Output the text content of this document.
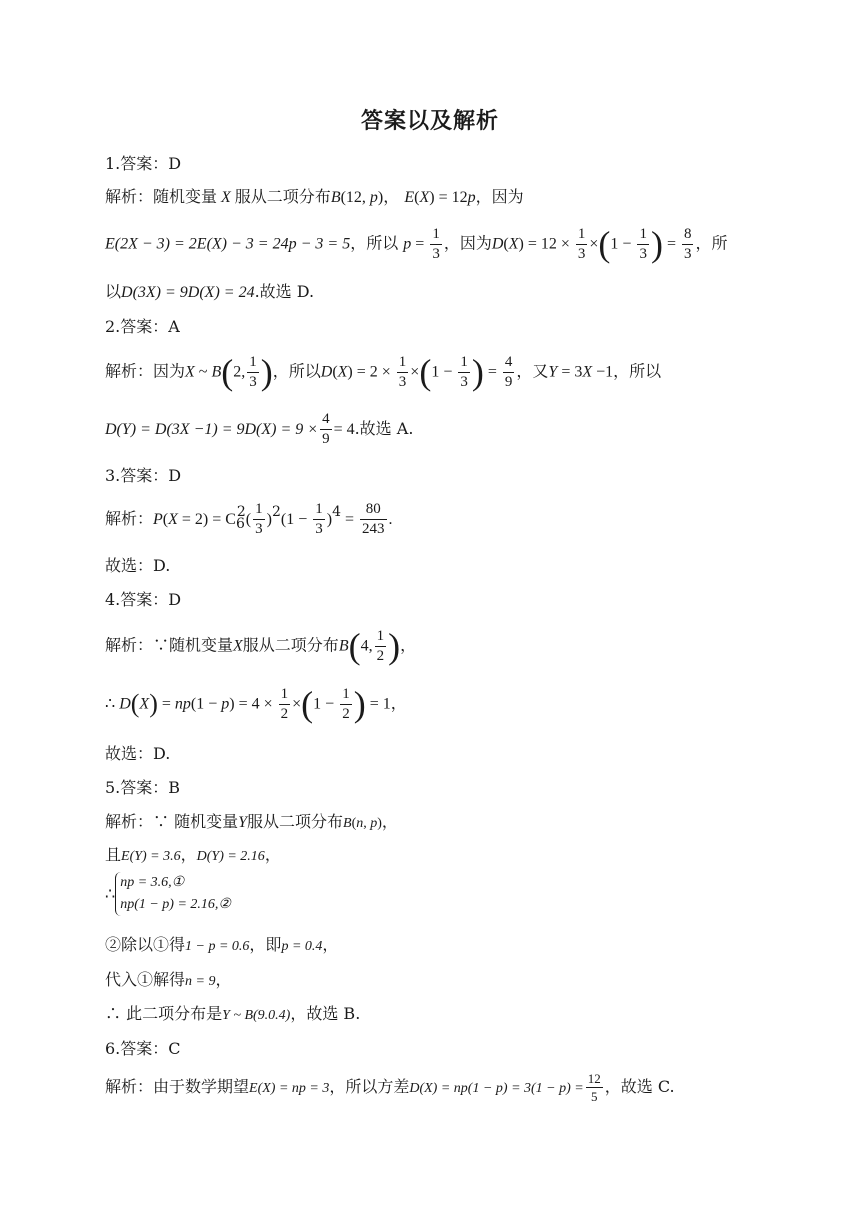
答案以及解析
1.答案：D
解析：随机变量 X 服从二项分布B(12, p)， E(X) = 12p，因为
E(2X − 3) = 2E(X) − 3 = 24p − 3 = 5，所以 $p = \frac{1}{3}$ ，因为$D(X) = 12 \times \frac{1}{3} \times(1 - \frac{1}{3}$ ) = $\frac{8}{3}$ ，所
以D(3X) = 9D(X) = 24.故选 D.
2.答案：A
解析：因为X ~ B(2, $\frac{1}{3}$ )，所以$D(X) = 2 \times \frac{1}{3} \times(1 - \frac{1}{3}$ ) = $\frac{4}{9}$ ，又Y = 3X −1，所以
$D(Y) = D(3X -1) = 9D(X) = 9 \times \frac{4}{9} = 4$.故选 A.
3.答案：D
解析：$P(X = 2) = C62( \frac{1}{3} )2(1 - \frac{1}{3} )4 = \frac{80}{243}$ .
故选：D.
4.答案：D
解析：∵随机变量X服从二项分布B(4, $\frac{1}{2}$ )，
∴ $D(X) = np(1 - p) = 4 \times \frac{1}{2} \times(1 - \frac{1}{2}$ ) = 1，
故选：D.
5.答案：B
解析：∵ 随机变量Y服从二项分布B(n, p)，
且E(Y) = 3.6，D(Y) = 2.16，
∴
np = 3.6,①
np(1 − p) = 2.16,②
②除以①得1 − p = 0.6，即p = 0.4，
代入①解得n = 9，
∴ 此二项分布是Y ~ B(9.0.4)，故选 B.
6.答案：C
解析：由于数学期望E(X) = np = 3，所以方差$D(X) = np(1 - p) = 3(1 - p) = \frac{12}{5}$ ，故选 C.
